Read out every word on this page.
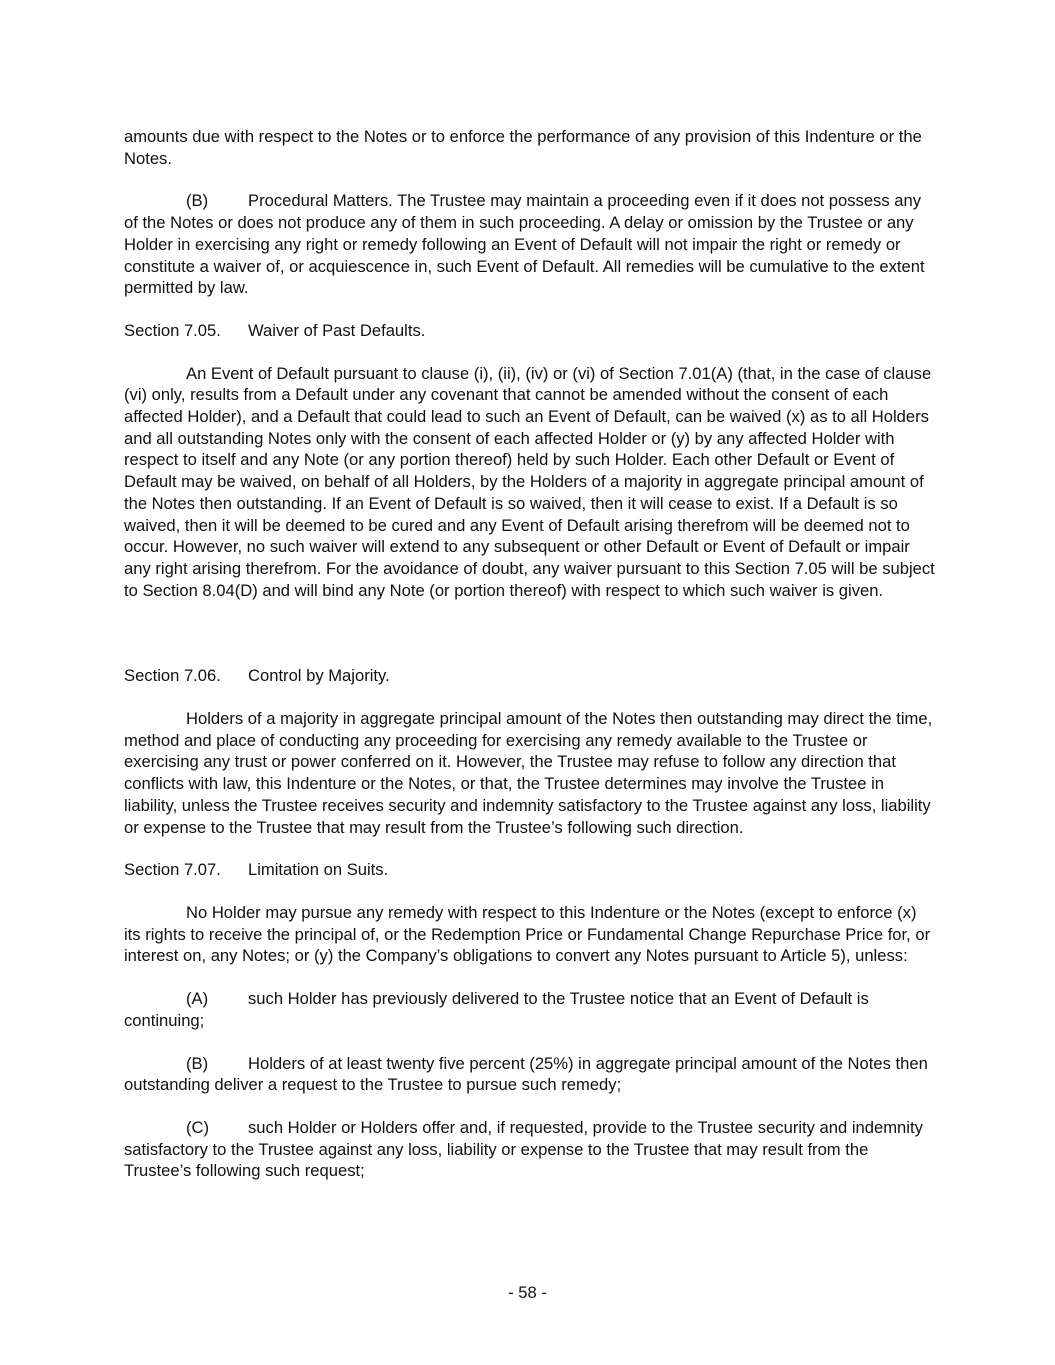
amounts due with respect to the Notes or to enforce the performance of any provision of this Indenture or the Notes.

(B) Procedural Matters. The Trustee may maintain a proceeding even if it does not possess any of the Notes or does not produce any of them in such proceeding. A delay or omission by the Trustee or any Holder in exercising any right or remedy following an Event of Default will not impair the right or remedy or constitute a waiver of, or acquiescence in, such Event of Default. All remedies will be cumulative to the extent permitted by law.

Section 7.05. Waiver of Past Defaults.

An Event of Default pursuant to clause (i), (ii), (iv) or (vi) of Section 7.01(A) (that, in the case of clause (vi) only, results from a Default under any covenant that cannot be amended without the consent of each affected Holder), and a Default that could lead to such an Event of Default, can be waived (x) as to all Holders and all outstanding Notes only with the consent of each affected Holder or (y) by any affected Holder with respect to itself and any Note (or any portion thereof) held by such Holder. Each other Default or Event of Default may be waived, on behalf of all Holders, by the Holders of a majority in aggregate principal amount of the Notes then outstanding. If an Event of Default is so waived, then it will cease to exist. If a Default is so waived, then it will be deemed to be cured and any Event of Default arising therefrom will be deemed not to occur. However, no such waiver will extend to any subsequent or other Default or Event of Default or impair any right arising therefrom. For the avoidance of doubt, any waiver pursuant to this Section 7.05 will be subject to Section 8.04(D) and will bind any Note (or portion thereof) with respect to which such waiver is given.

Section 7.06. Control by Majority.

Holders of a majority in aggregate principal amount of the Notes then outstanding may direct the time, method and place of conducting any proceeding for exercising any remedy available to the Trustee or exercising any trust or power conferred on it. However, the Trustee may refuse to follow any direction that conflicts with law, this Indenture or the Notes, or that, the Trustee determines may involve the Trustee in liability, unless the Trustee receives security and indemnity satisfactory to the Trustee against any loss, liability or expense to the Trustee that may result from the Trustee’s following such direction.

Section 7.07. Limitation on Suits.

No Holder may pursue any remedy with respect to this Indenture or the Notes (except to enforce (x) its rights to receive the principal of, or the Redemption Price or Fundamental Change Repurchase Price for, or interest on, any Notes; or (y) the Company’s obligations to convert any Notes pursuant to Article 5), unless:

(A) such Holder has previously delivered to the Trustee notice that an Event of Default is continuing;

(B) Holders of at least twenty five percent (25%) in aggregate principal amount of the Notes then outstanding deliver a request to the Trustee to pursue such remedy;

(C) such Holder or Holders offer and, if requested, provide to the Trustee security and indemnity satisfactory to the Trustee against any loss, liability or expense to the Trustee that may result from the Trustee’s following such request;

- 58 -
